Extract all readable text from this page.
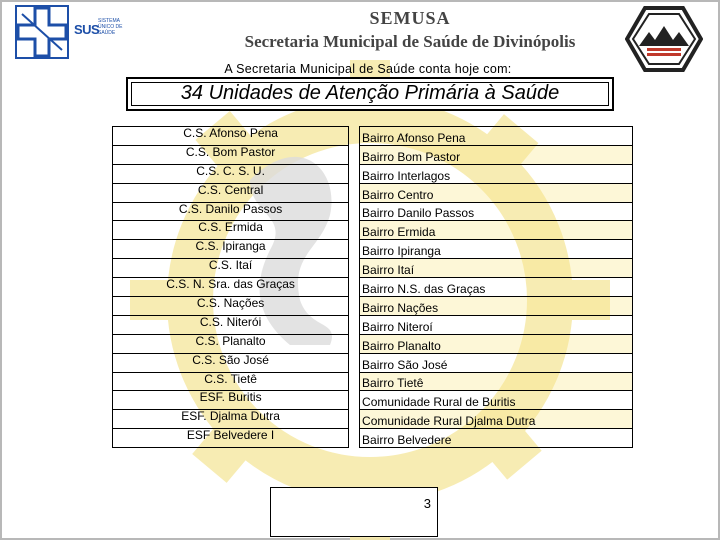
SUS
SISTEMA ÚNICO DE SAÚDE
SEMUSA
Secretaria Municipal de Saúde de Divinópolis
A Secretaria Municipal de Saúde conta hoje com:
34 Unidades de Atenção Primária à Saúde
C.S. Afonso Pena		Bairro Afonso Pena
C.S. Bom Pastor		Bairro Bom Pastor
C.S. C. S. U.		Bairro Interlagos
C.S. Central		Bairro Centro
C.S. Danilo Passos		Bairro Danilo Passos
C.S. Ermida		Bairro Ermida
C.S. Ipiranga		Bairro Ipiranga
C.S. Itaí		Bairro Itaí
C.S. N. Sra. das Graças		Bairro N.S. das Graças
C.S. Nações		Bairro Nações
C.S. Niterói		Bairro Niteroí
C.S. Planalto		Bairro Planalto
C.S. São José		Bairro São José
C.S. Tietê		Bairro Tietê
ESF. Buritis		Comunidade Rural de Buritis
ESF. Djalma Dutra		Comunidade Rural Djalma Dutra
ESF Belvedere I		Bairro Belvedere
3
